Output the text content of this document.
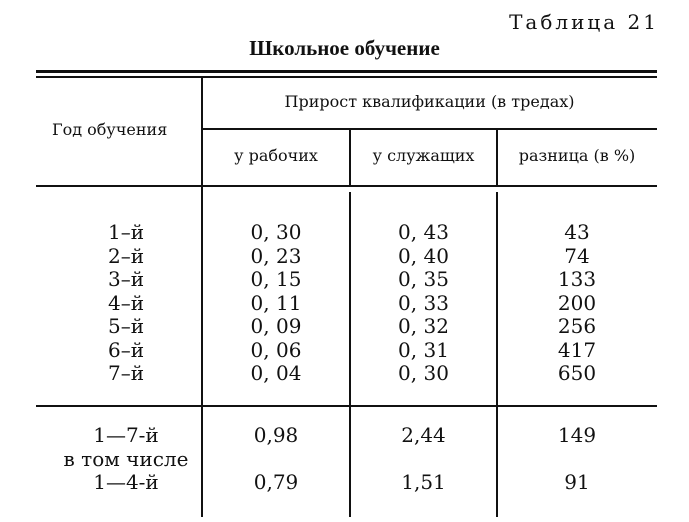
Таблица 21
Школьное обучение
Год обучения
Прирост квалификации (в тредах)
у рабочих	у служащих	разница (в %)
1–й
2–й
3–й
4–й
5–й
6–й
7–й
0, 30
0, 23
0, 15
0, 11
0, 09
0, 06
0, 04
0, 43
0, 40
0, 35
0, 33
0, 32
0, 31
0, 30
43
74
133
200
256
417
650
1—7-й
в том числе
1—4-й
0,98
0,79
2,44
1,51
149
91
